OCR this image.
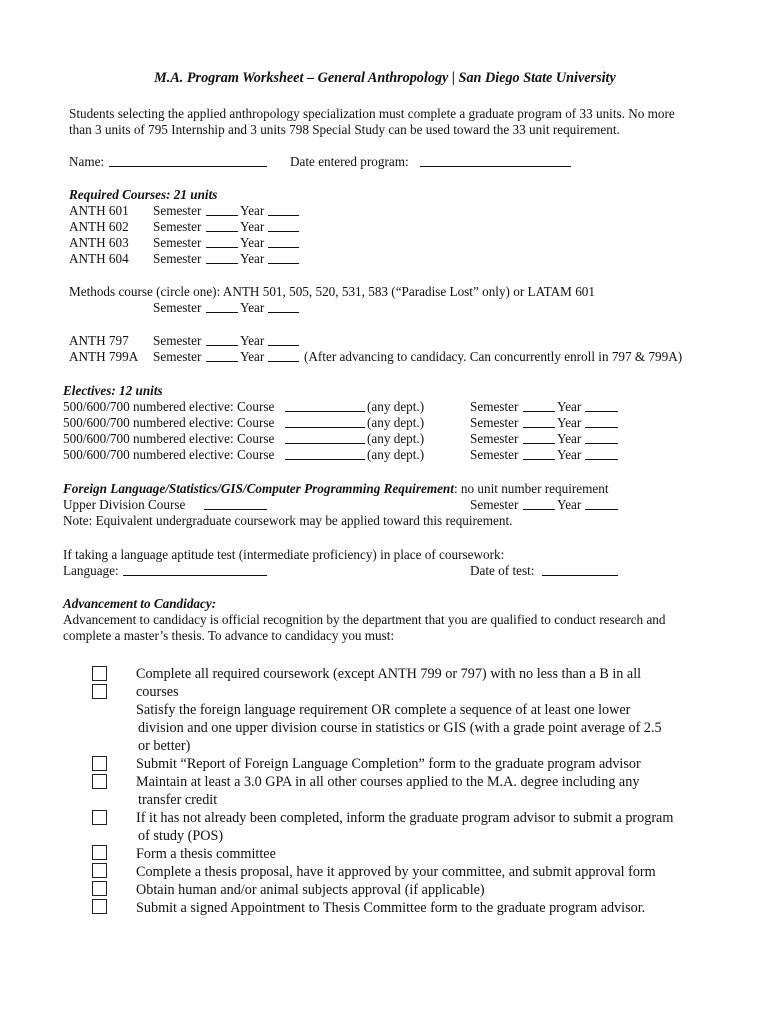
M.A. Program Worksheet – General Anthropology | San Diego State University
Students selecting the applied anthropology specialization must complete a graduate program of 33 units. No more
than 3 units of 795 Internship and 3 units 798 Special Study can be used toward the 33 unit requirement.
Name:	Date entered program:
Required Courses: 21 units
ANTH 601 Semester	Year
ANTH 602 Semester	Year
ANTH 603 Semester	Year
ANTH 604 Semester	Year
Methods course (circle one): ANTH 501, 505, 520, 531, 583 (“Paradise Lost” only) or LATAM 601
Semester	Year
ANTH 797 Semester	Year
ANTH 799A Semester	Year	(After advancing to candidacy. Can concurrently enroll in 797 & 799A)
Electives: 12 units
500/600/700 numbered elective: Course	(any dept.)	Semester	Year
500/600/700 numbered elective: Course	(any dept.)	Semester	Year
500/600/700 numbered elective: Course	(any dept.)	Semester	Year
500/600/700 numbered elective: Course	(any dept.)	Semester	Year
Foreign Language/Statistics/GIS/Computer Programming Requirement: no unit number requirement
Upper Division Course	Semester	Year
Note: Equivalent undergraduate coursework may be applied toward this requirement.
If taking a language aptitude test (intermediate proficiency) in place of coursework:
Language:	Date of test:
Advancement to Candidacy:
Advancement to candidacy is official recognition by the department that you are qualified to conduct research and
complete a master’s thesis. To advance to candidacy you must:
Complete all required coursework (except ANTH 799 or 797) with no less than a B in all
courses
Satisfy the foreign language requirement OR complete a sequence of at least one lower
division and one upper division course in statistics or GIS (with a grade point average of 2.5
or better)
Submit “Report of Foreign Language Completion” form to the graduate program advisor
Maintain at least a 3.0 GPA in all other courses applied to the M.A. degree including any
transfer credit
If it has not already been completed, inform the graduate program advisor to submit a program
of study (POS)
Form a thesis committee
Complete a thesis proposal, have it approved by your committee, and submit approval form
Obtain human and/or animal subjects approval (if applicable)
Submit a signed Appointment to Thesis Committee form to the graduate program advisor.
